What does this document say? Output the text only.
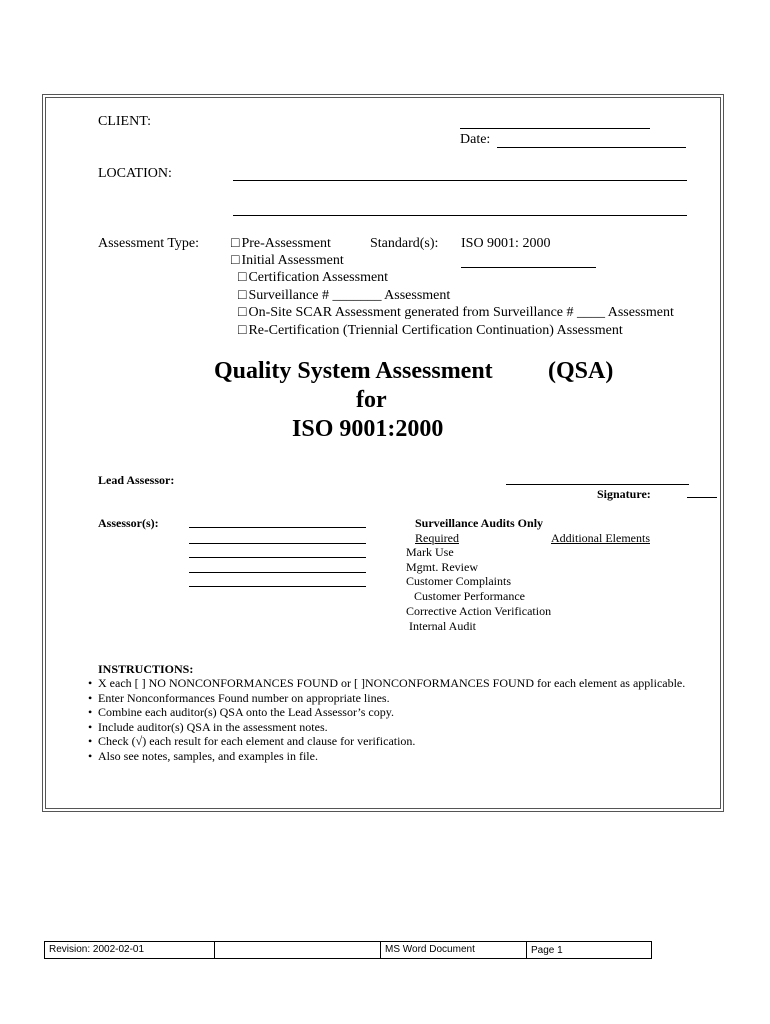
CLIENT:
Date:
LOCATION:
Assessment Type: □ Pre-Assessment	Standard(s): ISO 9001: 2000
□ Initial Assessment
□ Certification Assessment
□ Surveillance # _______ Assessment
□ On-Site SCAR Assessment generated from Surveillance # ____ Assessment
□ Re-Certification (Triennial Certification Continuation) Assessment
Quality System Assessment (QSA)
for
ISO 9001:2000
Lead Assessor:
Signature:
Assessor(s):	Surveillance Audits Only
Required	Additional Elements
Mark Use
Mgmt. Review
Customer Complaints
Customer Performance
Corrective Action Verification
Internal Audit
INSTRUCTIONS:
• X each [ ] NO NONCONFORMANCES FOUND or [ ]NONCONFORMANCES FOUND for each element as applicable.
• Enter Nonconformances Found number on appropriate lines.
• Combine each auditor(s) QSA onto the Lead Assessor’s copy.
• Include auditor(s) QSA in the assessment notes.
• Check (√) each result for each element and clause for verification.
• Also see notes, samples, and examples in file.
Revision: 2002-02-01	MS Word Document	Page 1
